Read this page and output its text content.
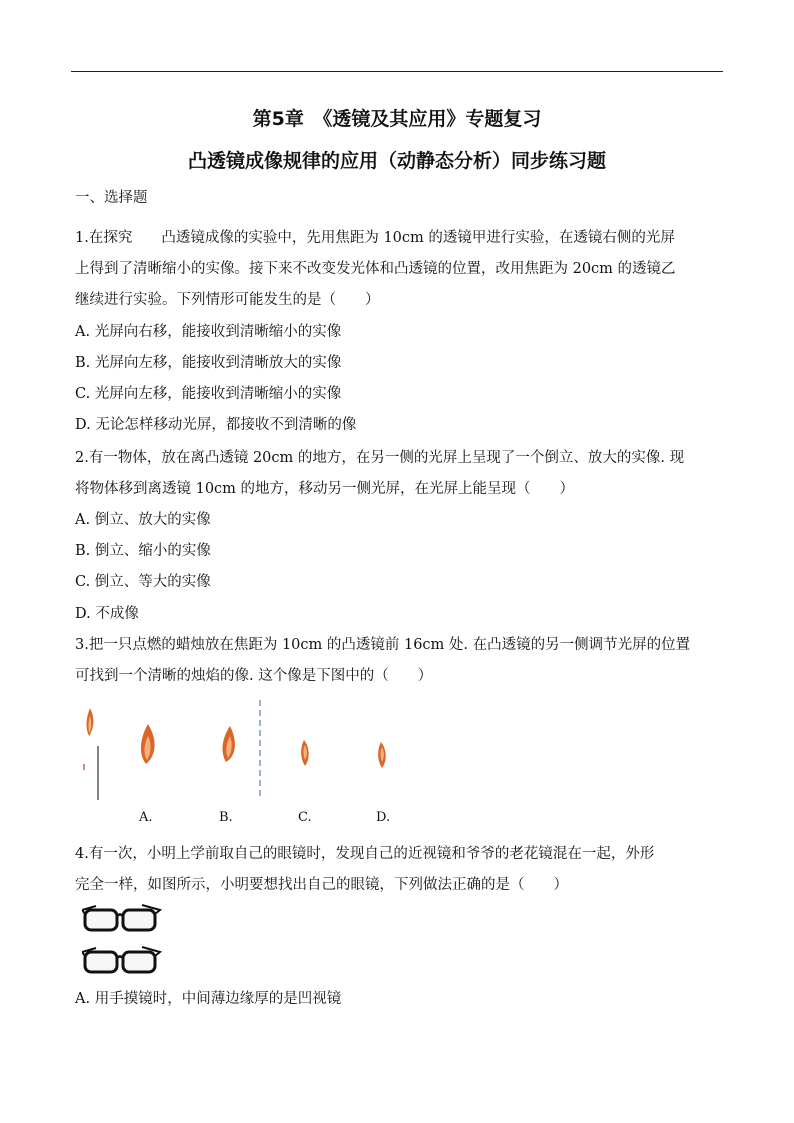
第5章　《透镜及其应用》专题复习
凸透镜成像规律的应用（动静态分析）同步练习题
一、选择题
1.在探究　　凸透镜成像的实验中，先用焦距为 10cm 的透镜甲进行实验，在透镜右侧的光屏
上得到了清晰缩小的实像。接下来不改变发光体和凸透镜的位置，改用焦距为 20cm 的透镜乙
继续进行实验。下列情形可能发生的是（　　）
A. 光屏向右移，能接收到清晰缩小的实像
B. 光屏向左移，能接收到清晰放大的实像
C. 光屏向左移，能接收到清晰缩小的实像
D. 无论怎样移动光屏，都接收不到清晰的像
2.有一物体，放在离凸透镜 20cm 的地方，在另一侧的光屏上呈现了一个倒立、放大的实像. 现
将物体移到离透镜 10cm 的地方，移动另一侧光屏，在光屏上能呈现（　　）
A. 倒立、放大的实像
B. 倒立、缩小的实像
C. 倒立、等大的实像
D. 不成像
3.把一只点燃的蜡烛放在焦距为 10cm 的凸透镜前 16cm 处. 在凸透镜的另一侧调节光屏的位置
可找到一个清晰的烛焰的像. 这个像是下图中的（　　）
A.	B.	C.	D.
4.有一次，小明上学前取自己的眼镜时，发现自己的近视镜和爷爷的老花镜混在一起，外形
完全一样，如图所示，小明要想找出自己的眼镜，下列做法正确的是（　　）
A. 用手摸镜时，中间薄边缘厚的是凹视镜
